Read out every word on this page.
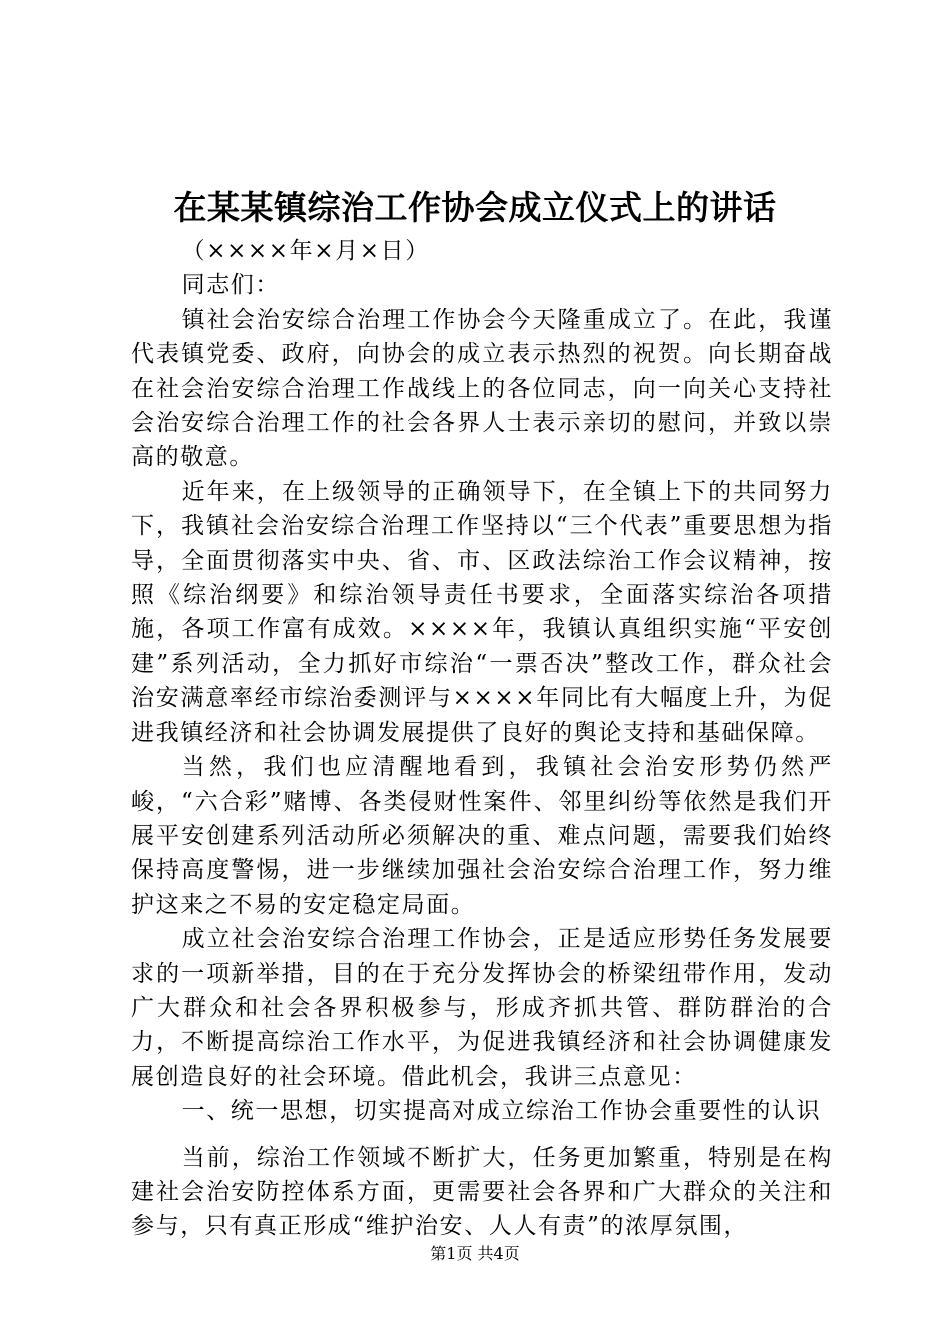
在某某镇综治工作协会成立仪式上的讲话

（××××年×月×日）

同志们：

镇社会治安综合治理工作协会今天隆重成立了。在此，我谨代表镇党委、政府，向协会的成立表示热烈的祝贺。向长期奋战在社会治安综合治理工作战线上的各位同志，向一向关心支持社会治安综合治理工作的社会各界人士表示亲切的慰问，并致以崇高的敬意。

近年来，在上级领导的正确领导下，在全镇上下的共同努力下，我镇社会治安综合治理工作坚持以“三个代表”重要思想为指导，全面贯彻落实中央、省、市、区政法综治工作会议精神，按照《综治纲要》和综治领导责任书要求，全面落实综治各项措施，各项工作富有成效。××××年，我镇认真组织实施“平安创建”系列活动，全力抓好市综治“一票否决”整改工作，群众社会治安满意率经市综治委测评与××××年同比有大幅度上升，为促进我镇经济和社会协调发展提供了良好的舆论支持和基础保障。

当然，我们也应清醒地看到，我镇社会治安形势仍然严峻，“六合彩”赌博、各类侵财性案件、邻里纠纷等依然是我们开展平安创建系列活动所必须解决的重、难点问题，需要我们始终保持高度警惕，进一步继续加强社会治安综合治理工作，努力维护这来之不易的安定稳定局面。

成立社会治安综合治理工作协会，正是适应形势任务发展要求的一项新举措，目的在于充分发挥协会的桥梁纽带作用，发动广大群众和社会各界积极参与，形成齐抓共管、群防群治的合力，不断提高综治工作水平，为促进我镇经济和社会协调健康发展创造良好的社会环境。借此机会，我讲三点意见：

一、统一思想，切实提高对成立综治工作协会重要性的认识

当前，综治工作领域不断扩大，任务更加繁重，特别是在构建社会治安防控体系方面，更需要社会各界和广大群众的关注和参与，只有真正形成“维护治安、人人有责”的浓厚氛围，

第1页 共4页
